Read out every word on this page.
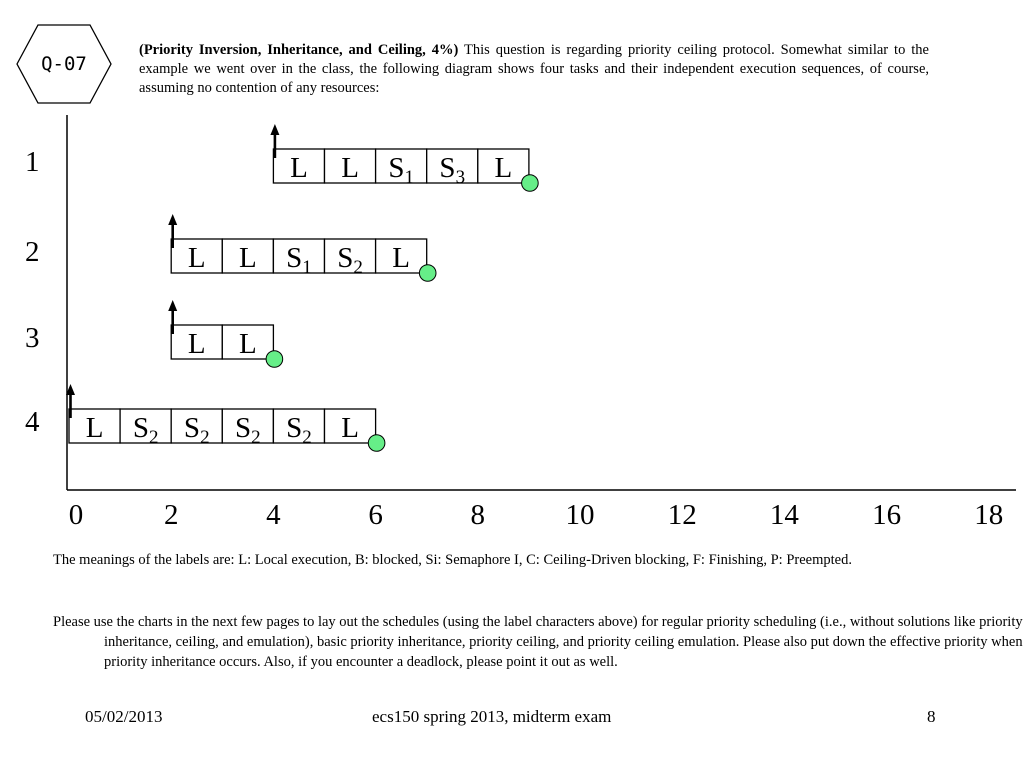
Q-07
(Priority Inversion, Inheritance, and Ceiling, 4%) This question is regarding priority ceiling protocol. Somewhat similar to the example we went over in the class, the following diagram shows four tasks and their independent execution sequences, of course, assuming no contention of any resources:
0	2	4	6	8	10	12	14	16	18
1	L L $S_1$ $S_3$ L
2	L L $S_1$ $S_2$ L
3	L L
4 L $S_2$ $S_2$ $S_2$ $S_2$ L
The meanings of the labels are: L: Local execution, B: blocked, Si: Semaphore I, C: Ceiling-Driven blocking, F: Finishing, P: Preempted.
Please use the charts in the next few pages to lay out the schedules (using the label characters above) for regular priority scheduling (i.e., without solutions like priority inheritance, ceiling, and emulation), basic priority inheritance, priority ceiling, and priority ceiling emulation. Please also put down the effective priority when priority inheritance occurs. Also, if you encounter a deadlock, please point it out as well.
05/02/2013	ecs150 spring 2013, midterm exam	8
